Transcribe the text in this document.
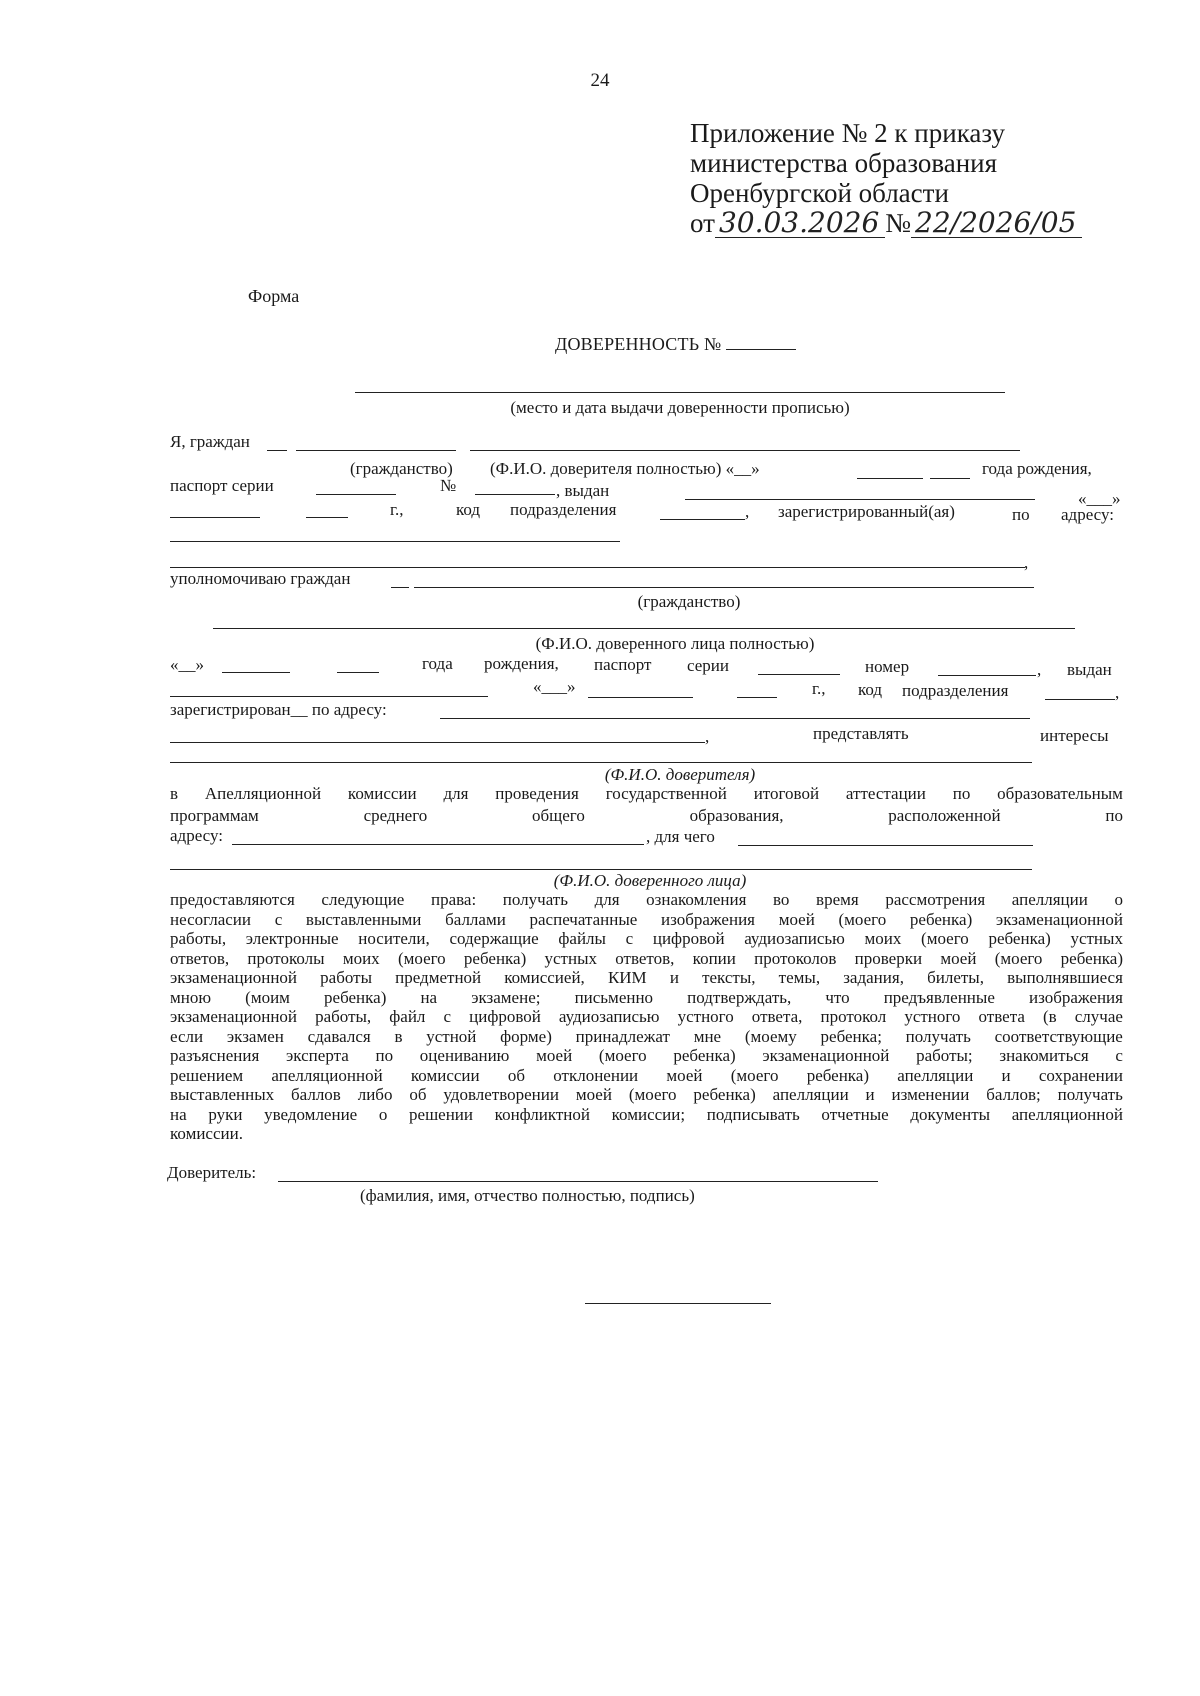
24
Приложение № 2 к приказу
министерства образования
Оренбургской области
от 30.03.2026 № 22/2026/05
Форма
ДОВЕРЕННОСТЬ №
(место и дата выдачи доверенности прописью)
Я, граждан
(гражданство) (Ф.И.О. доверителя полностью) «__»	года рождения,
паспорт серии	№	, выдан	«___»
г.,	код подразделения	, зарегистрированный(ая)	по адресу:
,
уполномочиваю граждан
(гражданство)
(Ф.И.О. доверенного лица полностью)
«__»	года рождения, паспорт серии	номер	, выдан
«___»	г., код подразделения	,
зарегистрирован__ по адресу:
,	представлять	интересы
(Ф.И.О. доверителя)
в Апелляционной комиссии для проведения государственной итоговой аттестации по образовательным
программам	среднего	общего	образования,	расположенной	по
адресу:	, для чего
(Ф.И.О. доверенного лица)
предоставляются следующие права: получать для ознакомления во время рассмотрения апелляции о
несогласии с выставленными баллами распечатанные изображения моей (моего ребенка) экзаменационной
работы, электронные носители, содержащие файлы с цифровой аудиозаписью моих (моего ребенка) устных
ответов, протоколы моих (моего ребенка) устных ответов, копии протоколов проверки моей (моего ребенка)
экзаменационной работы предметной комиссией, КИМ и тексты, темы, задания, билеты, выполнявшиеся
мною (моим ребенка) на экзамене; письменно подтверждать, что предъявленные изображения
экзаменационной работы, файл с цифровой аудиозаписью устного ответа, протокол устного ответа (в случае
если экзамен сдавался в устной форме) принадлежат мне (моему ребенка; получать соответствующие
разъяснения эксперта по оцениванию моей (моего ребенка) экзаменационной работы; знакомиться с
решением апелляционной комиссии об отклонении моей (моего ребенка) апелляции и сохранении
выставленных баллов либо об удовлетворении моей (моего ребенка) апелляции и изменении баллов; получать
на руки уведомление о решении конфликтной комиссии; подписывать отчетные документы апелляционной
комиссии.
Доверитель:
(фамилия, имя, отчество полностью, подпись)
